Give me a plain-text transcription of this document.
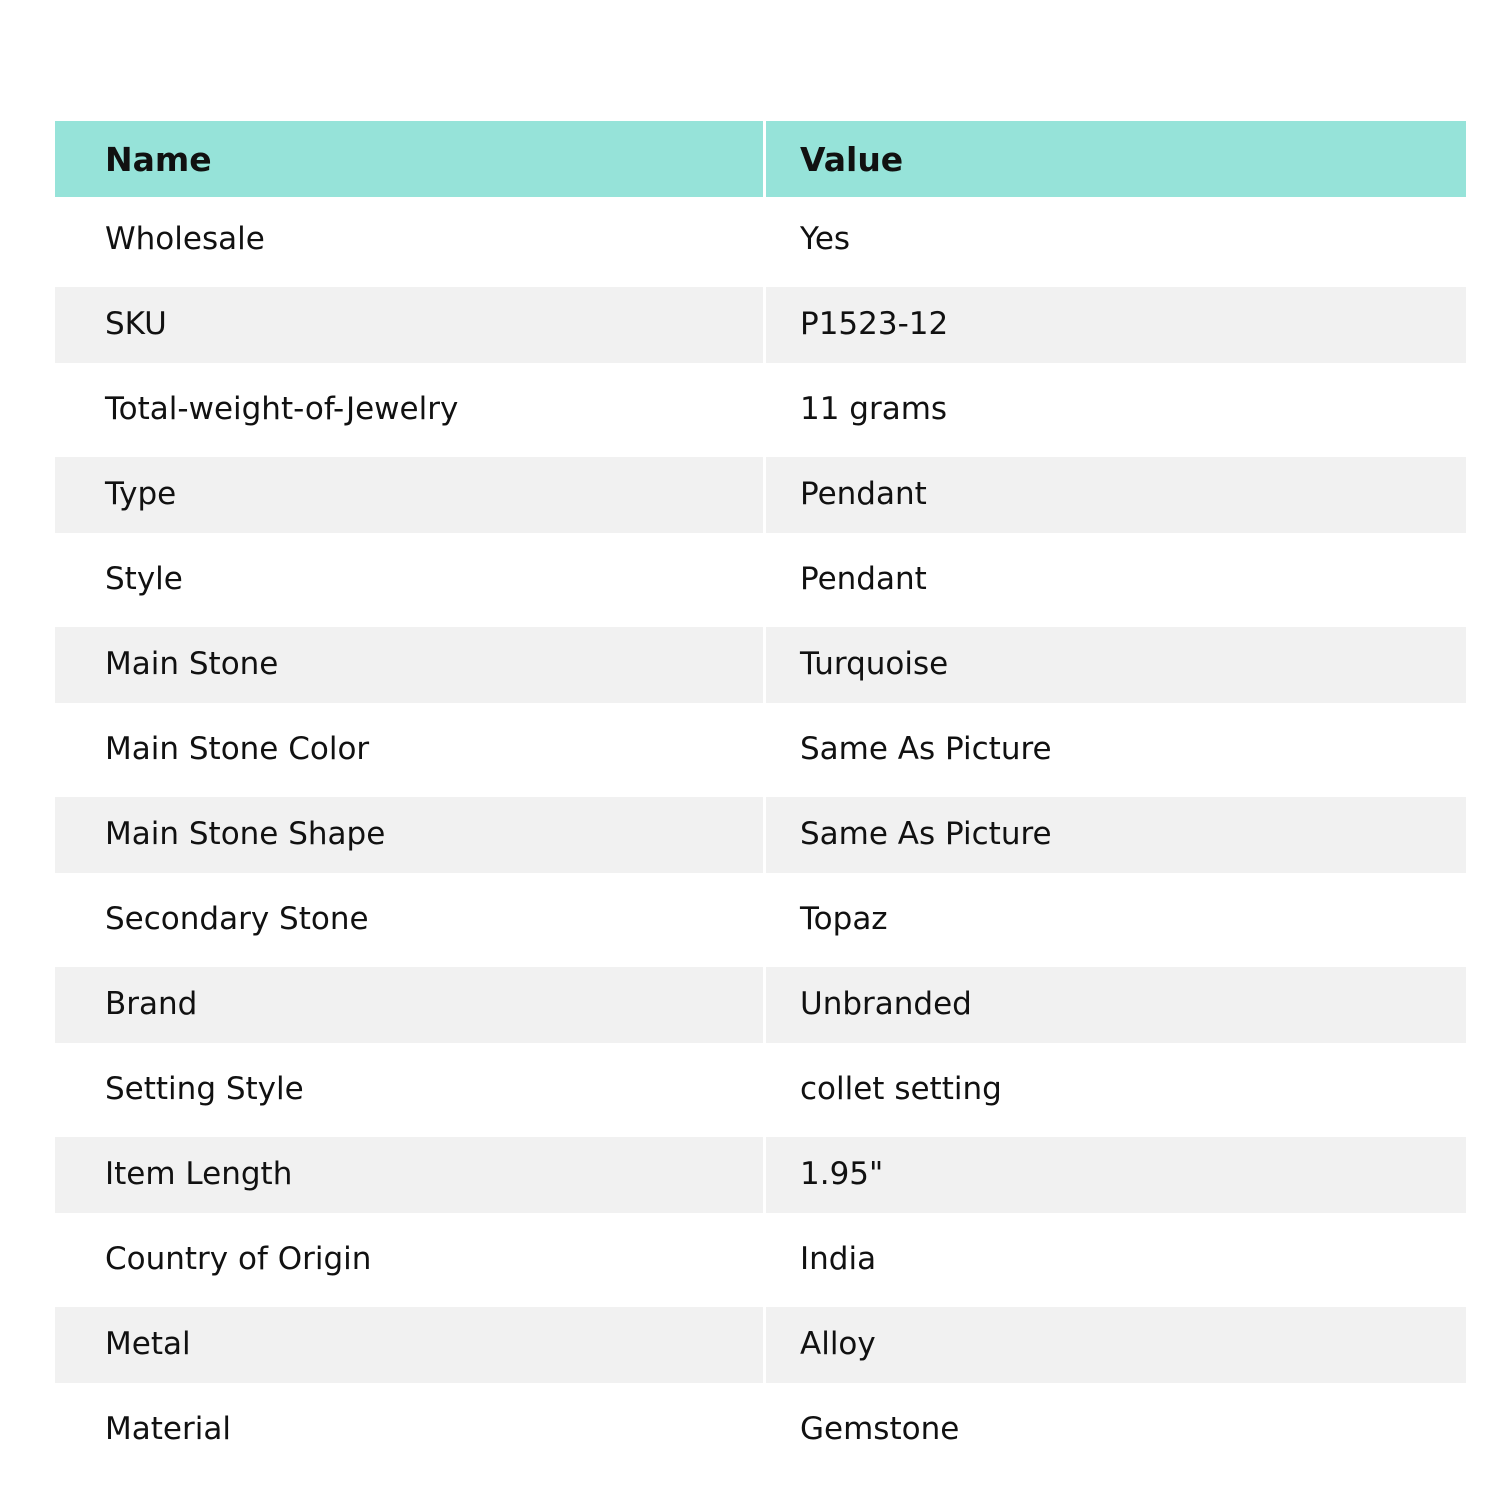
Name	Value
Wholesale	Yes
SKU	P1523-12
Total-weight-of-Jewelry	11 grams
Type	Pendant
Style	Pendant
Main Stone	Turquoise
Main Stone Color	Same As Picture
Main Stone Shape	Same As Picture
Secondary Stone	Topaz
Brand	Unbranded
Setting Style	collet setting
Item Length	1.95"
Country of Origin	India
Metal	Alloy
Material	Gemstone
